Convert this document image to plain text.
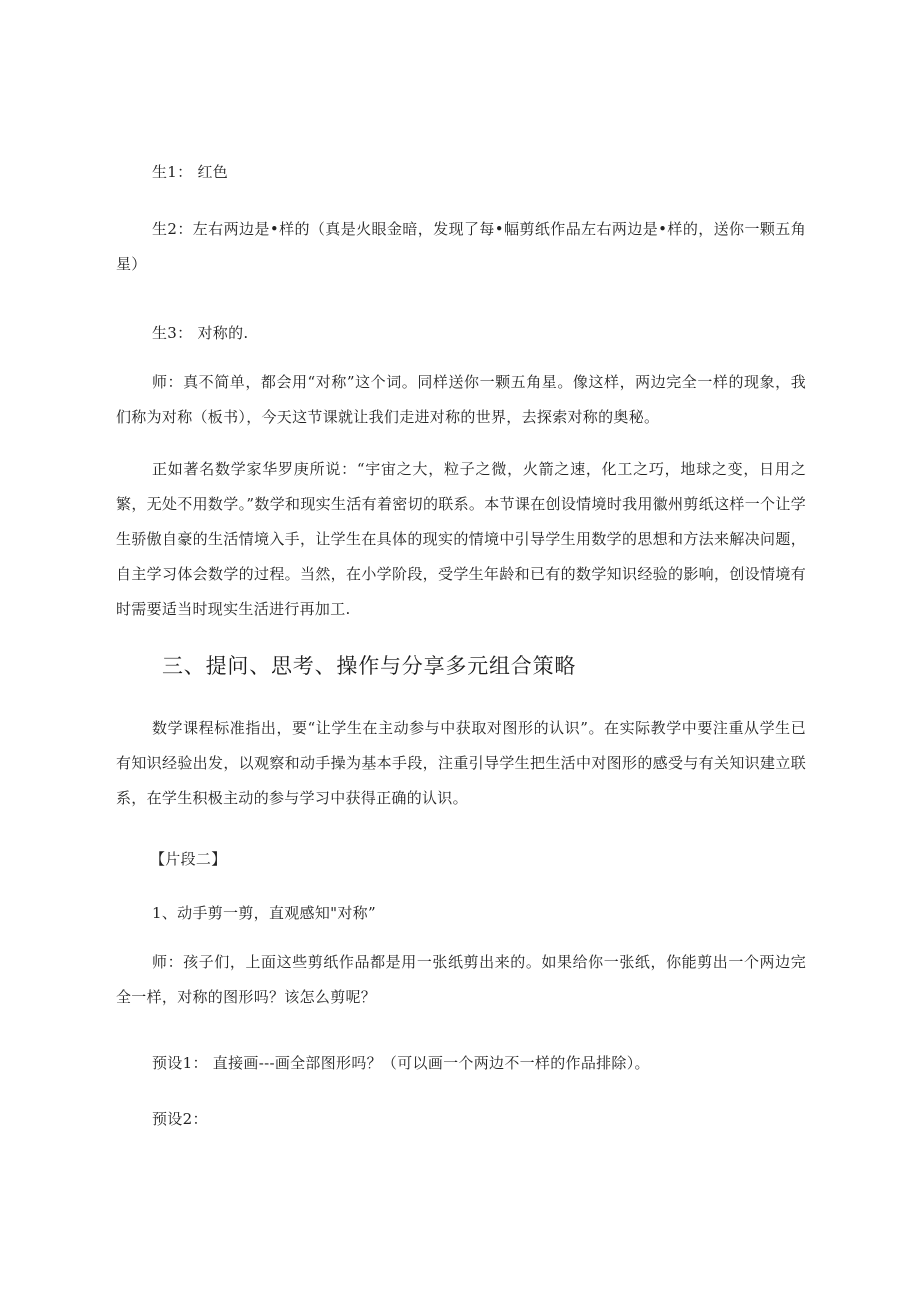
生1： 红色
生2：左右两边是•样的（真是火眼金暗，发现了每•幅剪纸作品左右两边是•样的，送你一颗五角星）
生3： 对称的.
师：真不简单，都会用“对称”这个词。同样送你一颗五角星。像这样，两边完全一样的现象，我们称为对称（板书），今天这节课就让我们走进对称的世界，去探索对称的奥秘。
正如著名数学家华罗庚所说：“宇宙之大，粒子之微，火箭之速，化工之巧，地球之变，日用之繁，无处不用数学。”数学和现实生活有着密切的联系。本节课在创设情境时我用徽州剪纸这样一个让学生骄傲自豪的生活情境入手，让学生在具体的现实的情境中引导学生用数学的思想和方法来解决问题，自主学习体会数学的过程。当然，在小学阶段，受学生年龄和已有的数学知识经验的影响，创设情境有时需要适当时现实生活进行再加工.
三、提问、思考、操作与分享多元组合策略
数学课程标准指出，要“让学生在主动参与中获取对图形的认识”。在实际教学中要注重从学生已有知识经验出发，以观察和动手操为基本手段，注重引导学生把生活中对图形的感受与有关知识建立联系，在学生积极主动的参与学习中获得正确的认识。
【片段二】
1、动手剪一剪，直观感知"对称”
师：孩子们，上面这些剪纸作品都是用一张纸剪出来的。如果给你一张纸，你能剪出一个两边完全一样，对称的图形吗？该怎么剪呢？
预设1： 直接画---画全部图形吗？（可以画一个两边不一样的作品排除）。
预设2：
